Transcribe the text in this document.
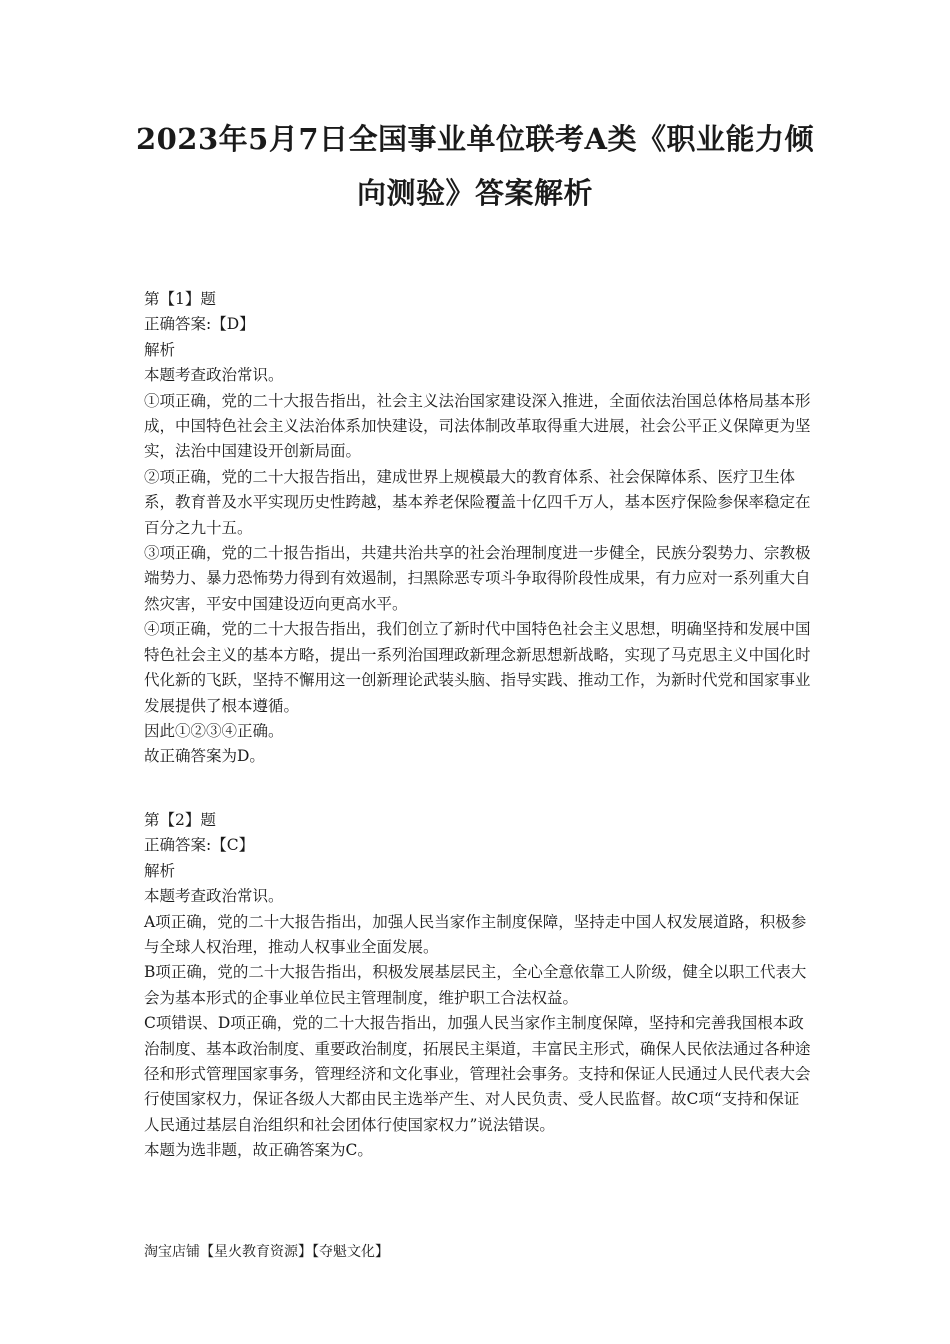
2023年5月7日全国事业单位联考A类《职业能力倾
向测验》答案解析

第【1】题

正确答案:【D】

解析

本题考查政治常识。

①项正确，党的二十大报告指出，社会主义法治国家建设深入推进，全面依法治国总体格局基本形成，中国特色社会主义法治体系加快建设，司法体制改革取得重大进展，社会公平正义保障更为坚实，法治中国建设开创新局面。

②项正确，党的二十大报告指出，建成世界上规模最大的教育体系、社会保障体系、医疗卫生体系，教育普及水平实现历史性跨越，基本养老保险覆盖十亿四千万人，基本医疗保险参保率稳定在百分之九十五。

③项正确，党的二十报告指出，共建共治共享的社会治理制度进一步健全，民族分裂势力、宗教极端势力、暴力恐怖势力得到有效遏制，扫黑除恶专项斗争取得阶段性成果，有力应对一系列重大自然灾害，平安中国建设迈向更高水平。

④项正确，党的二十大报告指出，我们创立了新时代中国特色社会主义思想，明确坚持和发展中国特色社会主义的基本方略，提出一系列治国理政新理念新思想新战略，实现了马克思主义中国化时代化新的飞跃，坚持不懈用这一创新理论武装头脑、指导实践、推动工作，为新时代党和国家事业发展提供了根本遵循。

因此①②③④正确。

故正确答案为D。

第【2】题

正确答案:【C】

解析

本题考查政治常识。

A项正确，党的二十大报告指出，加强人民当家作主制度保障，坚持走中国人权发展道路，积极参与全球人权治理，推动人权事业全面发展。

B项正确，党的二十大报告指出，积极发展基层民主，全心全意依靠工人阶级，健全以职工代表大会为基本形式的企事业单位民主管理制度，维护职工合法权益。

C项错误、D项正确，党的二十大报告指出，加强人民当家作主制度保障，坚持和完善我国根本政治制度、基本政治制度、重要政治制度，拓展民主渠道，丰富民主形式，确保人民依法通过各种途径和形式管理国家事务，管理经济和文化事业，管理社会事务。支持和保证人民通过人民代表大会行使国家权力，保证各级人大都由民主选举产生、对人民负责、受人民监督。故C项“支持和保证人民通过基层自治组织和社会团体行使国家权力”说法错误。

本题为选非题，故正确答案为C。

淘宝店铺【星火教育资源】【夺魁文化】
